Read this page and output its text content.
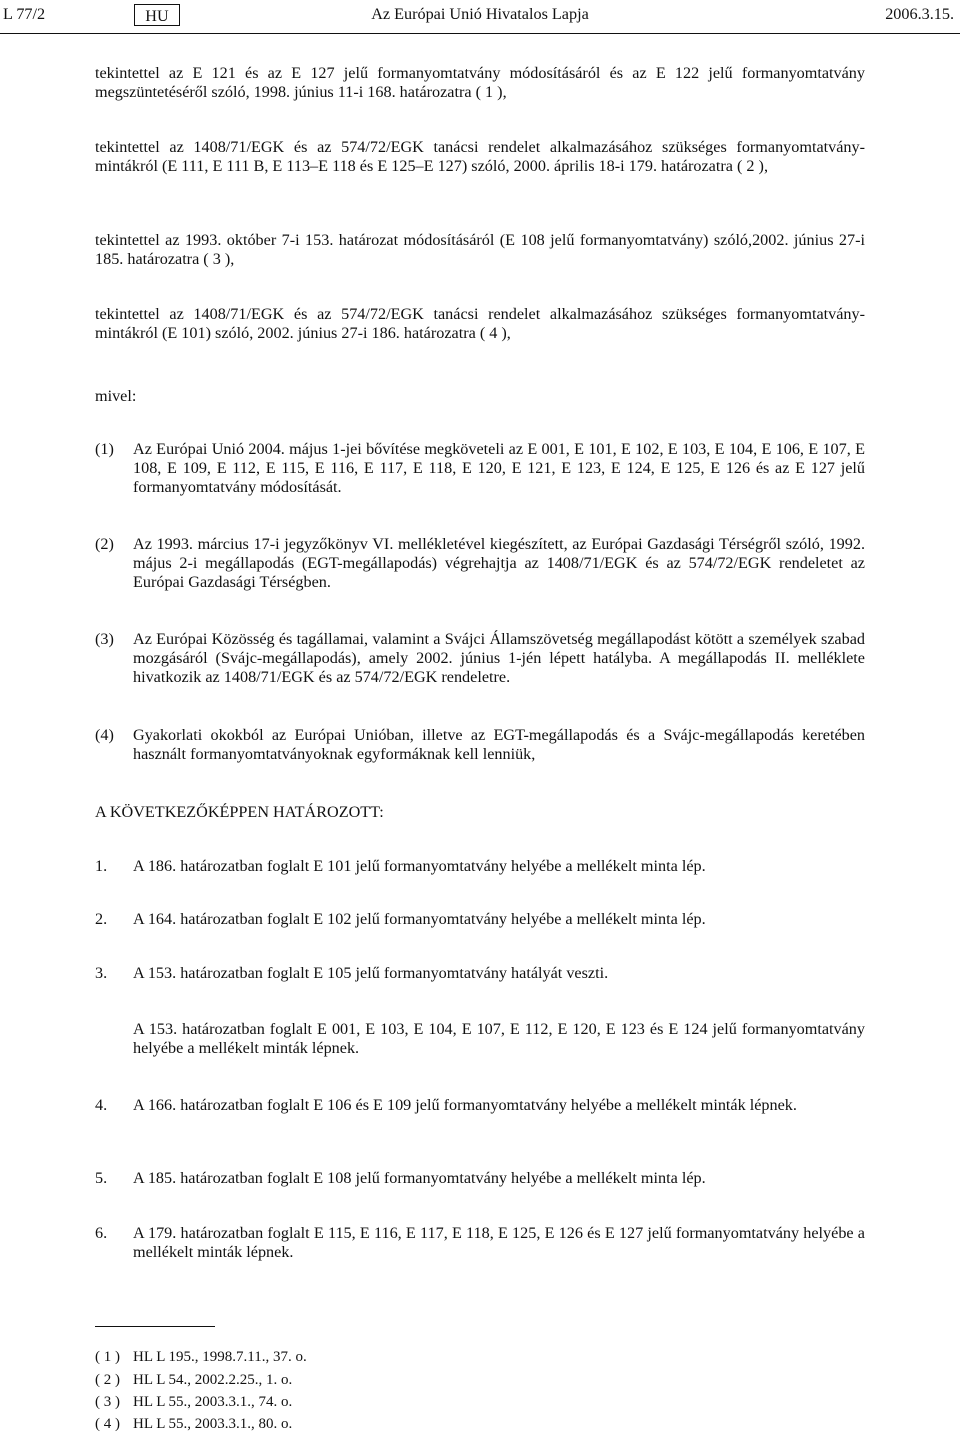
Az Európai Unió Hivatalos Lapja
L 77/2	HU	2006.3.15.
tekintettel az E 121 és az E 127 jelű formanyomtatvány módosításáról és az E 122 jelű formanyomtatvány megszüntetéséről szóló, 1998. június 11-i 168. határozatra ( 1 ),
tekintettel az 1408/71/EGK és az 574/72/EGK tanácsi rendelet alkalmazásához szükséges formanyomtatvány-mintákról (E 111, E 111 B, E 113–E 118 és E 125–E 127) szóló, 2000. április 18-i 179. határozatra ( 2 ),
tekintettel az 1993. október 7-i 153. határozat módosításáról (E 108 jelű formanyomtatvány) szóló,2002. június 27-i 185. határozatra ( 3 ),
tekintettel az 1408/71/EGK és az 574/72/EGK tanácsi rendelet alkalmazásához szükséges formanyomtatvány-mintákról (E 101) szóló, 2002. június 27-i 186. határozatra ( 4 ),
mivel:
(1) Az Európai Unió 2004. május 1-jei bővítése megköveteli az E 001, E 101, E 102, E 103, E 104, E 106, E 107, E 108, E 109, E 112, E 115, E 116, E 117, E 118, E 120, E 121, E 123, E 124, E 125, E 126 és az E 127 jelű formanyomtatvány módosítását.
(2) Az 1993. március 17-i jegyzőkönyv VI. mellékletével kiegészített, az Európai Gazdasági Térségről szóló, 1992. május 2-i megállapodás (EGT-megállapodás) végrehajtja az 1408/71/EGK és az 574/72/EGK rendeletet az Európai Gazdasági Térségben.
(3) Az Európai Közösség és tagállamai, valamint a Svájci Államszövetség megállapodást kötött a személyek szabad mozgásáról (Svájc-megállapodás), amely 2002. június 1-jén lépett hatályba. A megállapodás II. melléklete hivatkozik az 1408/71/EGK és az 574/72/EGK rendeletre.
(4) Gyakorlati okokból az Európai Unióban, illetve az EGT-megállapodás és a Svájc-megállapodás keretében használt formanyomtatványoknak egyformáknak kell lenniük,
A KÖVETKEZŐKÉPPEN HATÁROZOTT:
1. A 186. határozatban foglalt E 101 jelű formanyomtatvány helyébe a mellékelt minta lép.
2. A 164. határozatban foglalt E 102 jelű formanyomtatvány helyébe a mellékelt minta lép.
3. A 153. határozatban foglalt E 105 jelű formanyomtatvány hatályát veszti.
A 153. határozatban foglalt E 001, E 103, E 104, E 107, E 112, E 120, E 123 és E 124 jelű formanyomtatvány helyébe a mellékelt minták lépnek.
4. A 166. határozatban foglalt E 106 és E 109 jelű formanyomtatvány helyébe a mellékelt minták lépnek.
5. A 185. határozatban foglalt E 108 jelű formanyomtatvány helyébe a mellékelt minta lép.
6. A 179. határozatban foglalt E 115, E 116, E 117, E 118, E 125, E 126 és E 127 jelű formanyomtatvány helyébe a mellékelt minták lépnek.
( 1 ) HL L 195., 1998.7.11., 37. o.
( 2 ) HL L 54., 2002.2.25., 1. o.
( 3 ) HL L 55., 2003.3.1., 74. o.
( 4 ) HL L 55., 2003.3.1., 80. o.
